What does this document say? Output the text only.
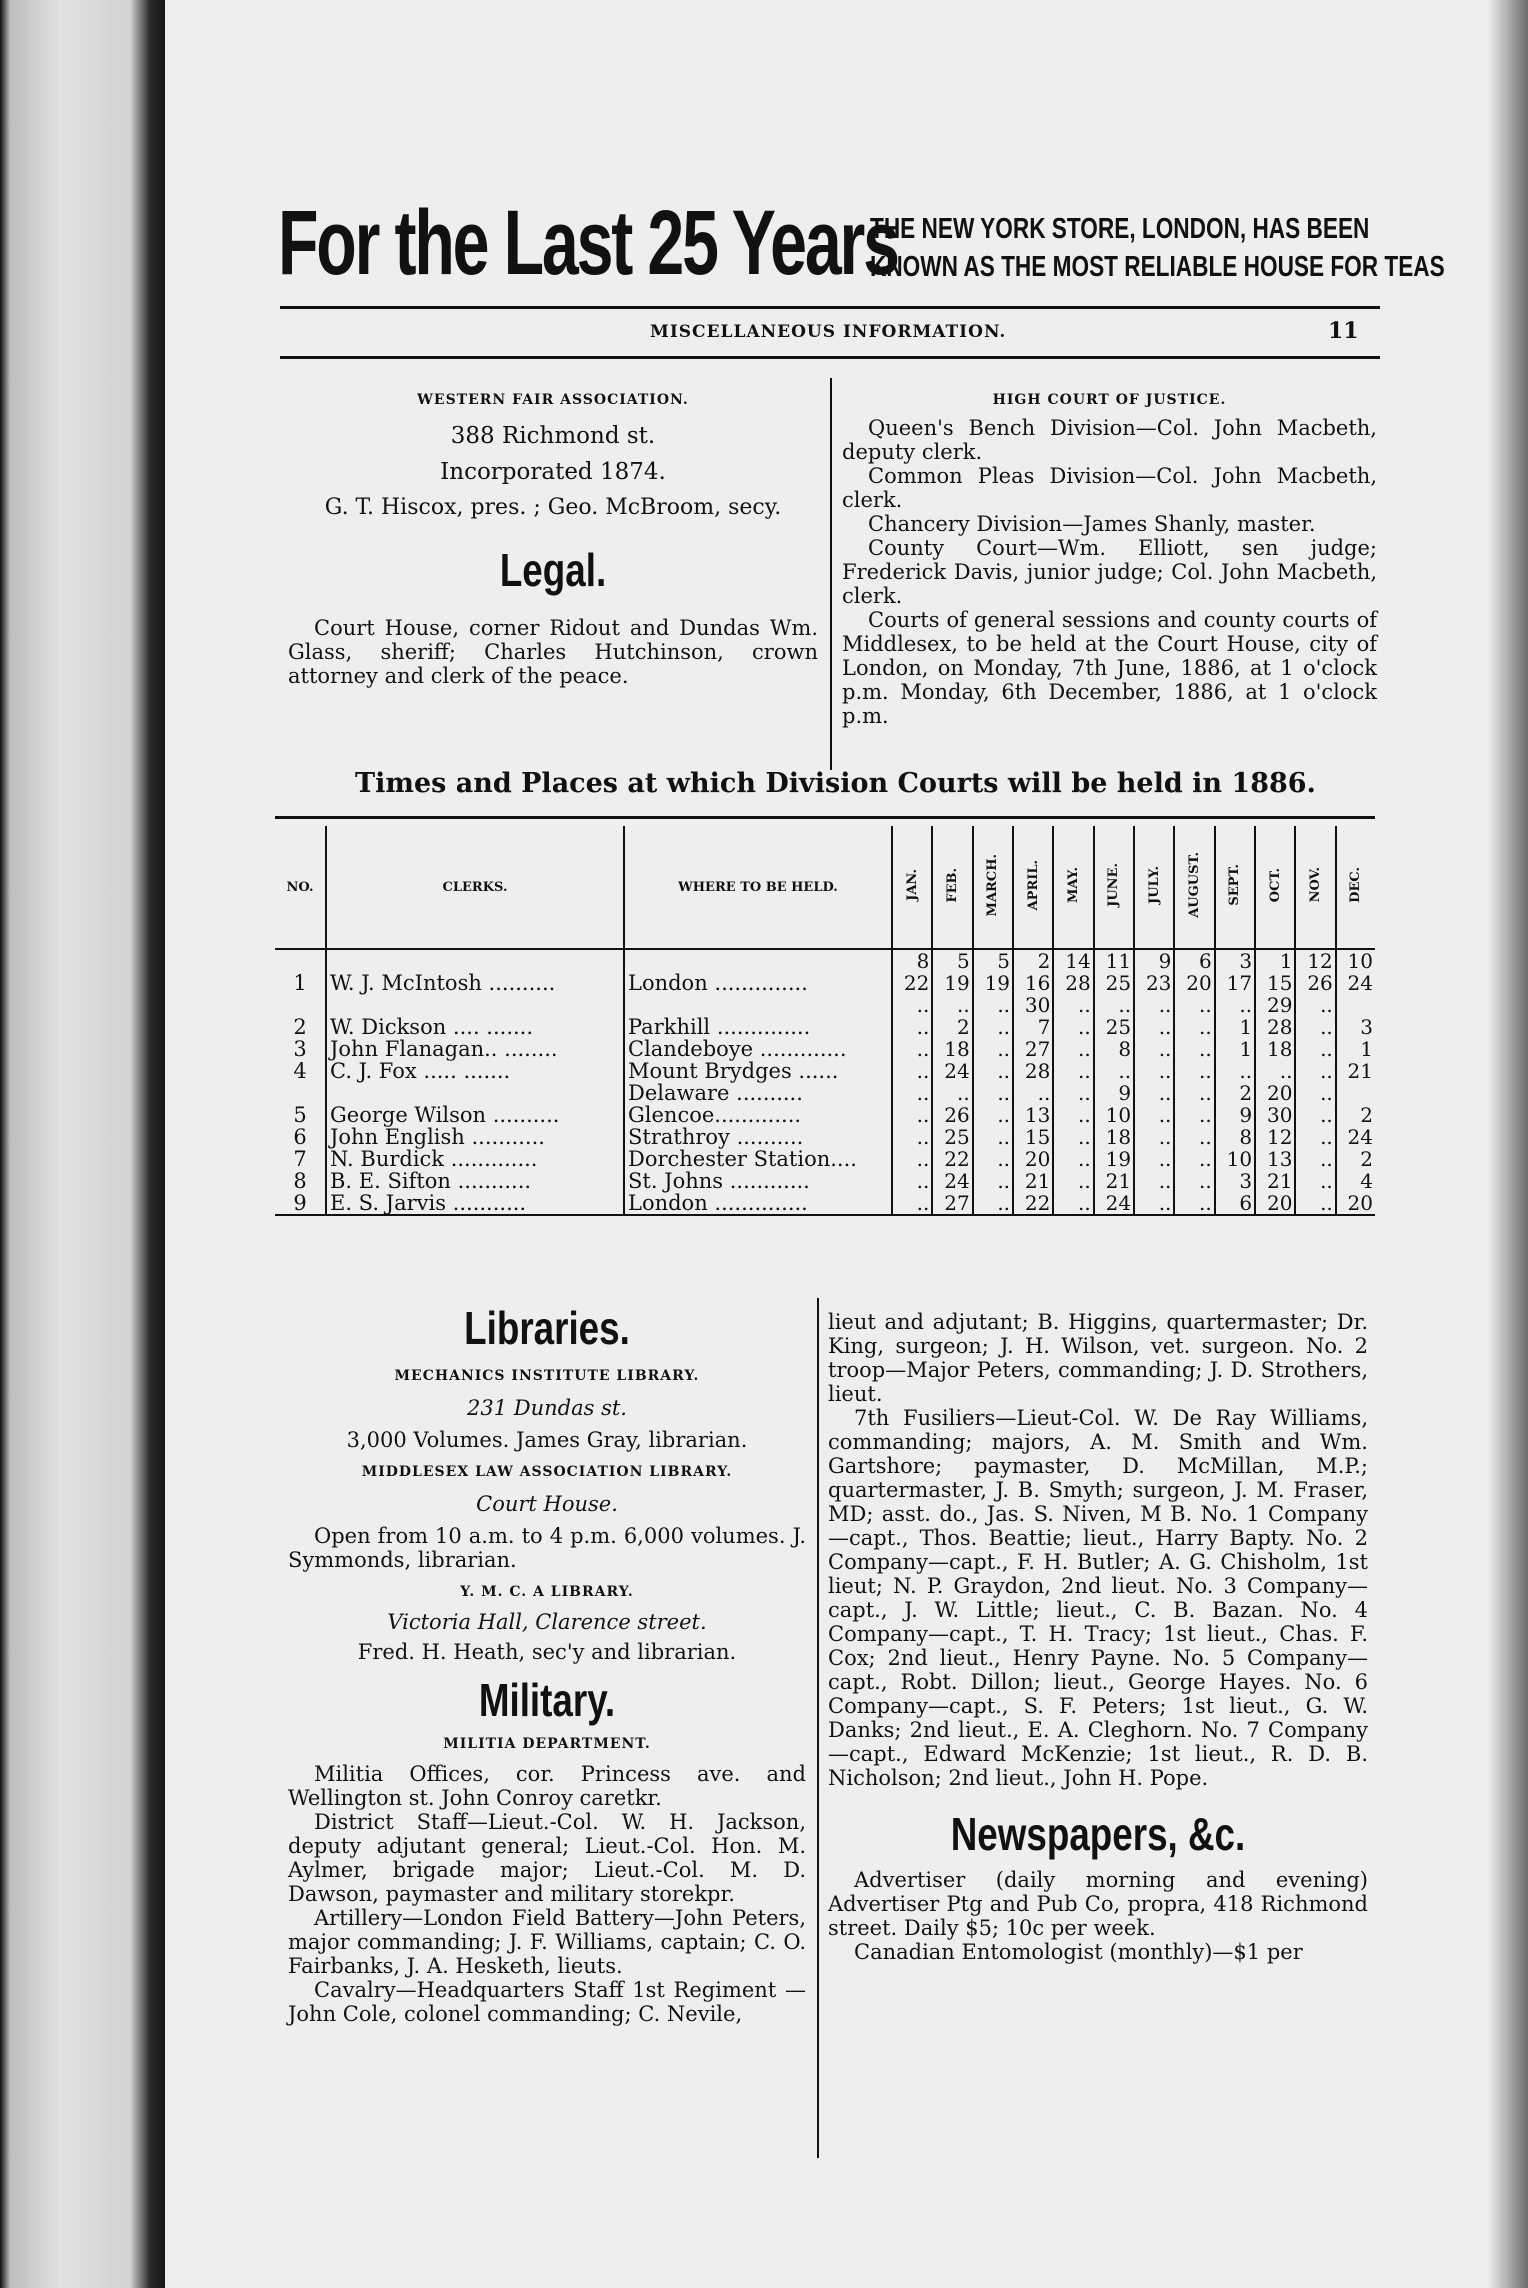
For the Last 25 Years
THE NEW YORK STORE, LONDON, HAS BEEN
KNOWN AS THE MOST RELIABLE HOUSE FOR TEAS
MISCELLANEOUS INFORMATION.	11
WESTERN FAIR ASSOCIATION.
388 Richmond st.
Incorporated 1874.
G. T. Hiscox, pres. ; Geo. McBroom, secy.
Legal.

Court House, corner Ridout and Dundas Wm. Glass, sheriff; Charles Hutchinson, crown attorney and clerk of the peace.

HIGH COURT OF JUSTICE.

Queen's Bench Division—Col. John Macbeth, deputy clerk.

Common Pleas Division—Col. John Macbeth, clerk.

Chancery Division—James Shanly, master.

County Court—Wm. Elliott, sen judge; Frederick Davis, junior judge; Col. John Macbeth, clerk.

Courts of general sessions and county courts of Middlesex, to be held at the Court House, city of London, on Monday, 7th June, 1886, at 1 o'clock p.m. Monday, 6th December, 1886, at 1 o'clock p.m.

Times and Places at which Division Courts will be held in 1886.
NO.	CLERKS.	WHERE TO BE HELD.	JAN.	FEB.	MARCH.	APRIL.	MAY.	JUNE.	JULY.	AUGUST.	SEPT.	OCT.	NOV.	DEC.
			8	5	5	2	14	11	9	6	3	1	12	10
1	W. J. McIntosh ..........	London ..............	22	19	19	16	28	25	23	20	17	15	26	24
			..	..	..	30	..	..	..	..	..	29	..	
2	W. Dickson .... .......	Parkhill ..............	..	2	..	7	..	25	..	..	1	28	..	3
3	John Flanagan.. ........	Clandeboye .............	..	18	..	27	..	8	..	..	1	18	..	1
4	C. J. Fox ..... .......	Mount Brydges ......	..	24	..	28	..	..	..	..	..	..	..	21
		Delaware ..........	..	..	..	..	..	9	..	..	2	20	..	
5	George Wilson ..........	Glencoe.............	..	26	..	13	..	10	..	..	9	30	..	2
6	John English ...........	Strathroy ..........	..	25	..	15	..	18	..	..	8	12	..	24
7	N. Burdick .............	Dorchester Station....	..	22	..	20	..	19	..	..	10	13	..	2
8	B. E. Sifton ...........	St. Johns ............	..	24	..	21	..	21	..	..	3	21	..	4
9	E. S. Jarvis ...........	London ..............	..	27	..	22	..	24	..	..	6	20	..	20
Libraries.
MECHANICS INSTITUTE LIBRARY.
231 Dundas st.
3,000 Volumes. James Gray, librarian.
MIDDLESEX LAW ASSOCIATION LIBRARY.
Court House.

Open from 10 a.m. to 4 p.m. 6,000 volumes. J. Symmonds, librarian.

Y. M. C. A LIBRARY.
Victoria Hall, Clarence street.
Fred. H. Heath, sec'y and librarian.
Military.
MILITIA DEPARTMENT.

Militia Offices, cor. Princess ave. and Wellington st. John Conroy caretkr.

District Staff—Lieut.-Col. W. H. Jackson, deputy adjutant general; Lieut.-Col. Hon. M. Aylmer, brigade major; Lieut.-Col. M. D. Dawson, paymaster and military storekpr.

Artillery—London Field Battery—John Peters, major commanding; J. F. Williams, captain; C. O. Fairbanks, J. A. Hesketh, lieuts.

Cavalry—Headquarters Staff 1st Regiment —John Cole, colonel commanding; C. Nevile,

lieut and adjutant; B. Higgins, quartermaster; Dr. King, surgeon; J. H. Wilson, vet. surgeon. No. 2 troop—Major Peters, commanding; J. D. Strothers, lieut.

7th Fusiliers—Lieut-Col. W. De Ray Williams, commanding; majors, A. M. Smith and Wm. Gartshore; paymaster, D. McMillan, M.P.; quartermaster, J. B. Smyth; surgeon, J. M. Fraser, MD; asst. do., Jas. S. Niven, M B. No. 1 Company—capt., Thos. Beattie; lieut., Harry Bapty. No. 2 Company—capt., F. H. Butler; A. G. Chisholm, 1st lieut; N. P. Graydon, 2nd lieut. No. 3 Company—capt., J. W. Little; lieut., C. B. Bazan. No. 4 Company—capt., T. H. Tracy; 1st lieut., Chas. F. Cox; 2nd lieut., Henry Payne. No. 5 Company—capt., Robt. Dillon; lieut., George Hayes. No. 6 Company—capt., S. F. Peters; 1st lieut., G. W. Danks; 2nd lieut., E. A. Cleghorn. No. 7 Company—capt., Edward McKenzie; 1st lieut., R. D. B. Nicholson; 2nd lieut., John H. Pope.

Newspapers, &c.

Advertiser (daily morning and evening) Advertiser Ptg and Pub Co, propra, 418 Richmond street. Daily $5; 10c per week.

Canadian Entomologist (monthly)—$1 per
